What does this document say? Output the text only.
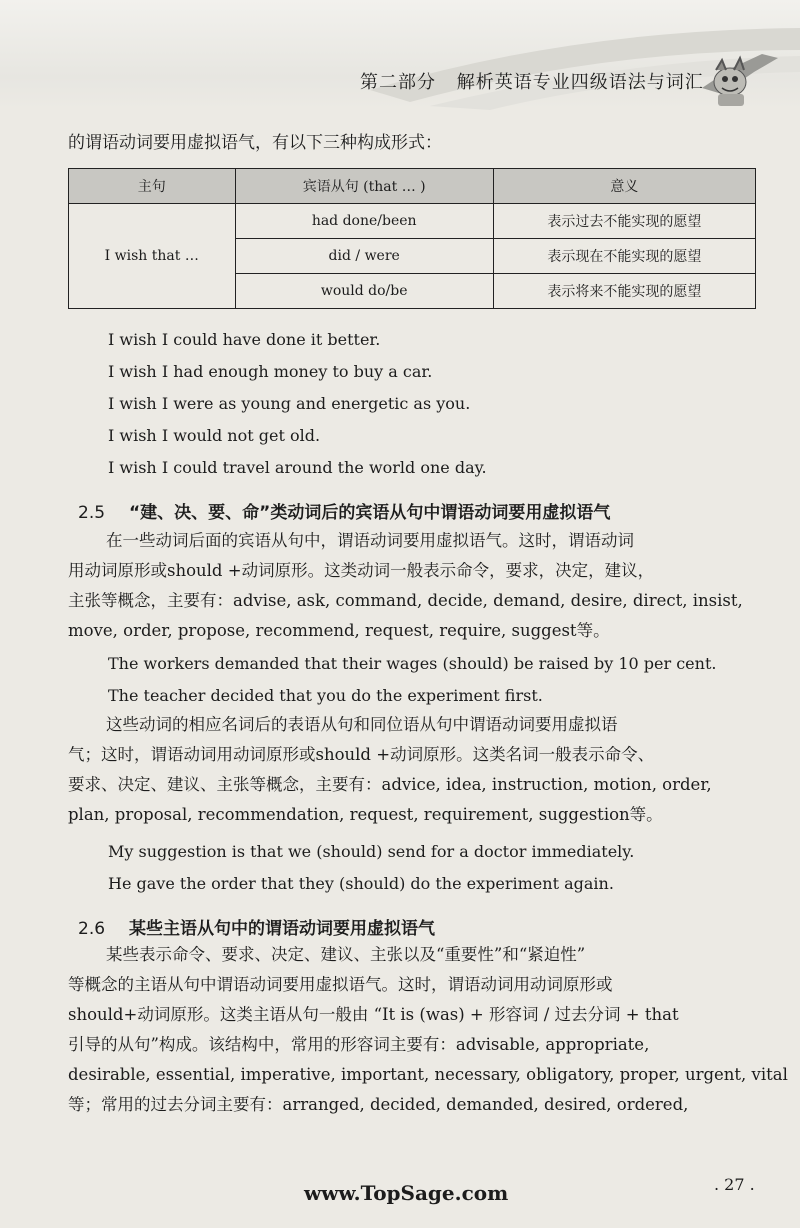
第二部分 解析英语专业四级语法与词汇
的谓语动词要用虚拟语气，有以下三种构成形式：
主句	宾语从句 (that … )	意义
I wish that …	had done/been	表示过去不能实现的愿望
	did / were	表示现在不能实现的愿望
	would do/be	表示将来不能实现的愿望
I wish I could have done it better.
I wish I had enough money to buy a car.
I wish I were as young and energetic as you.
I wish I would not get old.
I wish I could travel around the world one day.
2.5 “建、决、要、命”类动词后的宾语从句中谓语动词要用虚拟语气
在一些动词后面的宾语从句中，谓语动词要用虚拟语气。这时，谓语动词
用动词原形或should +动词原形。这类动词一般表示命令，要求，决定，建议，
主张等概念，主要有：advise, ask, command, decide, demand, desire, direct, insist,
move, order, propose, recommend, request, require, suggest等。
The workers demanded that their wages (should) be raised by 10 per cent.
The teacher decided that you do the experiment first.
这些动词的相应名词后的表语从句和同位语从句中谓语动词要用虚拟语
气；这时，谓语动词用动词原形或should +动词原形。这类名词一般表示命令、
要求、决定、建议、主张等概念，主要有：advice, idea, instruction, motion, order,
plan, proposal, recommendation, request, requirement, suggestion等。
My suggestion is that we (should) send for a doctor immediately.
He gave the order that they (should) do the experiment again.
2.6 某些主语从句中的谓语动词要用虚拟语气
某些表示命令、要求、决定、建议、主张以及“重要性”和“紧迫性”
等概念的主语从句中谓语动词要用虚拟语气。这时，谓语动词用动词原形或
should+动词原形。这类主语从句一般由 “It is (was) + 形容词 / 过去分词 + that
引导的从句”构成。该结构中，常用的形容词主要有：advisable, appropriate,
desirable, essential, imperative, important, necessary, obligatory, proper, urgent, vital
等；常用的过去分词主要有：arranged, decided, demanded, desired, ordered,
. 27 .
www.TopSage.com
